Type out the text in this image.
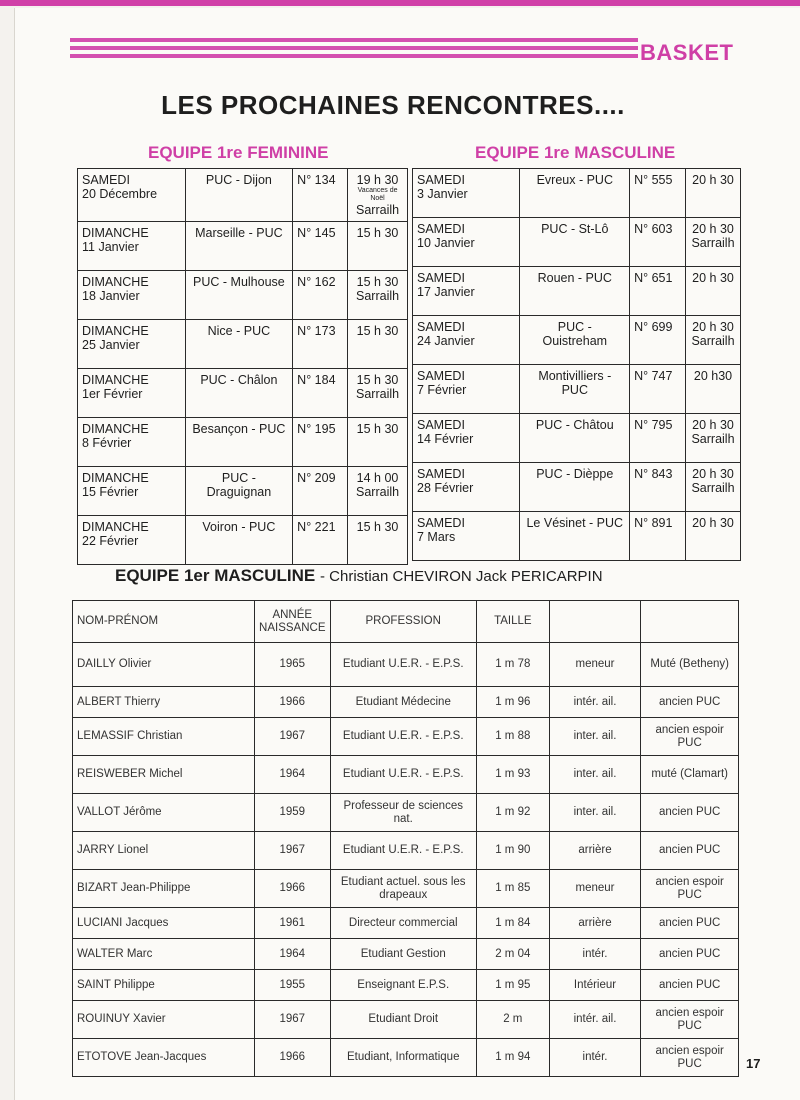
BASKET
LES PROCHAINES RENCONTRES....
EQUIPE 1re FEMININE	EQUIPE 1re MASCULINE
SAMEDI
20 Décembre	PUC - Dijon	N° 134	19 h 30
Vacances de Noël
Sarrailh

DIMANCHE
11 Janvier	Marseille - PUC	N° 145	15 h 30

DIMANCHE
18 Janvier	PUC - Mulhouse	N° 162	15 h 30
Sarrailh

DIMANCHE
25 Janvier	Nice - PUC	N° 173	15 h 30

DIMANCHE
1er Février	PUC - Châlon	N° 184	15 h 30
Sarrailh

DIMANCHE
8 Février	Besançon - PUC	N° 195	15 h 30

DIMANCHE
15 Février	PUC - Draguignan	N° 209	14 h 00
Sarrailh

DIMANCHE
22 Février	Voiron - PUC	N° 221	15 h 30
SAMEDI
3 Janvier	Evreux - PUC	N° 555	20 h 30

SAMEDI
10 Janvier	PUC - St-Lô	N° 603	20 h 30
Sarrailh

SAMEDI
17 Janvier	Rouen - PUC	N° 651	20 h 30

SAMEDI
24 Janvier	PUC - Ouistreham	N° 699	20 h 30
Sarrailh

SAMEDI
7 Février	Montivilliers - PUC	N° 747	20 h30

SAMEDI
14 Février	PUC - Châtou	N° 795	20 h 30
Sarrailh

SAMEDI
28 Février	PUC - Dièppe	N° 843	20 h 30
Sarrailh

SAMEDI
7 Mars	Le Vésinet - PUC	N° 891	20 h 30
EQUIPE 1er MASCULINE - Christian CHEVIRON Jack PERICARPIN
NOM-PRÉNOM	ANNÉE NAISSANCE	PROFESSION	TAILLE		
DAILLY Olivier	1965	Etudiant U.E.R. - E.P.S.	1 m 78	meneur	Muté (Betheny)
ALBERT Thierry	1966	Etudiant Médecine	1 m 96	intér. ail.	ancien PUC
LEMASSIF Christian	1967	Etudiant U.E.R. - E.P.S.	1 m 88	inter. ail.	ancien espoir PUC
REISWEBER Michel	1964	Etudiant U.E.R. - E.P.S.	1 m 93	inter. ail.	muté (Clamart)
VALLOT Jérôme	1959	Professeur de sciences nat.	1 m 92	inter. ail.	ancien PUC
JARRY Lionel	1967	Etudiant U.E.R. - E.P.S.	1 m 90	arrière	ancien PUC
BIZART Jean-Philippe	1966	Etudiant actuel. sous les drapeaux	1 m 85	meneur	ancien espoir PUC
LUCIANI Jacques	1961	Directeur commercial	1 m 84	arrière	ancien PUC
WALTER Marc	1964	Etudiant Gestion	2 m 04	intér.	ancien PUC
SAINT Philippe	1955	Enseignant E.P.S.	1 m 95	Intérieur	ancien PUC
ROUINUY Xavier	1967	Etudiant Droit	2 m	intér. ail.	ancien espoir PUC
ETOTOVE Jean-Jacques	1966	Etudiant, Informatique	1 m 94	intér.	ancien espoir PUC	17
